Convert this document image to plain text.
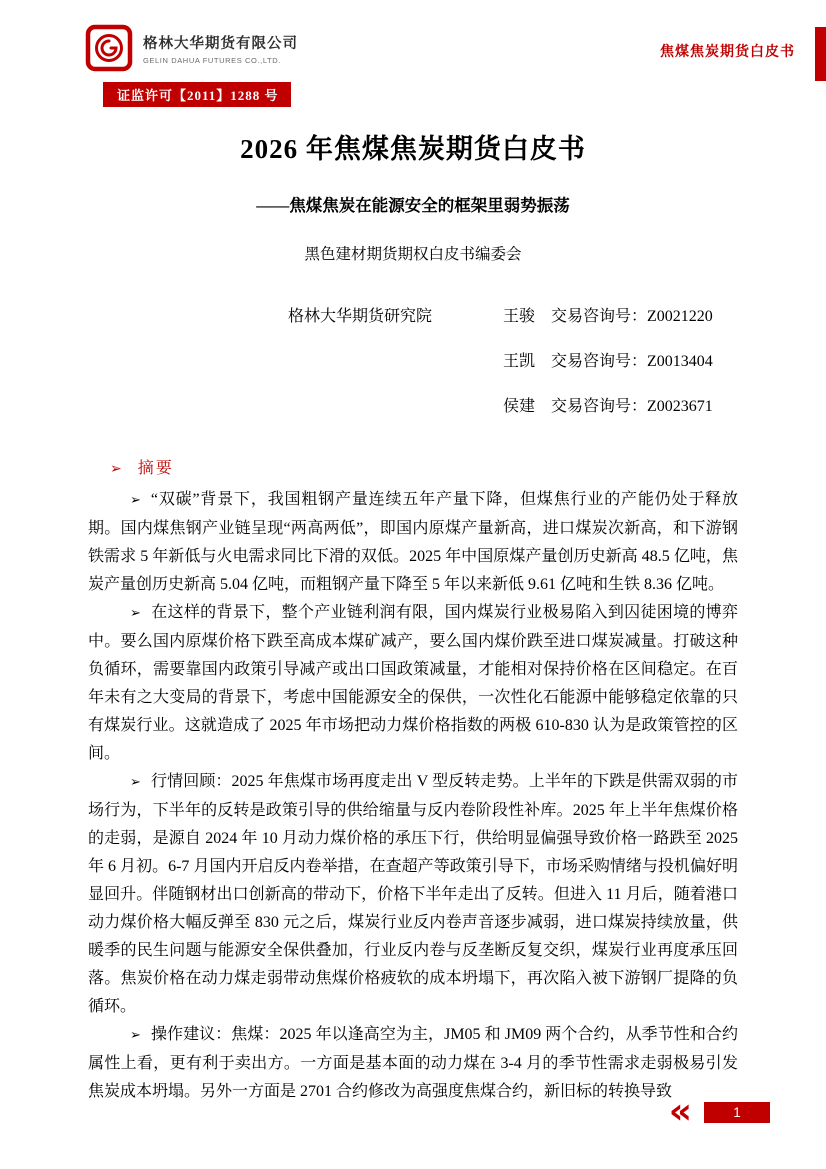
格林大华期货有限公司
GELIN DAHUA FUTURES CO.,LTD.	焦煤焦炭期货白皮书
证监许可【2011】1288 号
2026 年焦煤焦炭期货白皮书
——焦煤焦炭在能源安全的框架里弱势振荡
黑色建材期货期权白皮书编委会
格林大华期货研究院	王骏 交易咨询号：Z0021220
王凯 交易咨询号：Z0013404
侯建 交易咨询号：Z0023671
➢ 摘要

➢ “双碳”背景下，我国粗钢产量连续五年产量下降，但煤焦行业的产能仍处于释放期。国内煤焦钢产业链呈现“两高两低”，即国内原煤产量新高，进口煤炭次新高，和下游钢铁需求 5 年新低与火电需求同比下滑的双低。2025 年中国原煤产量创历史新高 48.5 亿吨，焦炭产量创历史新高 5.04 亿吨，而粗钢产量下降至 5 年以来新低 9.61 亿吨和生铁 8.36 亿吨。

➢ 在这样的背景下，整个产业链利润有限，国内煤炭行业极易陷入到囚徒困境的博弈中。要么国内原煤价格下跌至高成本煤矿减产，要么国内煤价跌至进口煤炭减量。打破这种负循环，需要靠国内政策引导减产或出口国政策减量，才能相对保持价格在区间稳定。在百年未有之大变局的背景下，考虑中国能源安全的保供，一次性化石能源中能够稳定依靠的只有煤炭行业。这就造成了 2025 年市场把动力煤价格指数的两极 610-830 认为是政策管控的区间。

➢ 行情回顾：2025 年焦煤市场再度走出 V 型反转走势。上半年的下跌是供需双弱的市场行为，下半年的反转是政策引导的供给缩量与反内卷阶段性补库。2025 年上半年焦煤价格的走弱，是源自 2024 年 10 月动力煤价格的承压下行，供给明显偏强导致价格一路跌至 2025 年 6 月初。6-7 月国内开启反内卷举措，在查超产等政策引导下，市场采购情绪与投机偏好明显回升。伴随钢材出口创新高的带动下，价格下半年走出了反转。但进入 11 月后，随着港口动力煤价格大幅反弹至 830 元之后，煤炭行业反内卷声音逐步减弱，进口煤炭持续放量，供暖季的民生问题与能源安全保供叠加，行业反内卷与反垄断反复交织，煤炭行业再度承压回落。焦炭价格在动力煤走弱带动焦煤价格疲软的成本坍塌下，再次陷入被下游钢厂提降的负循环。

➢ 操作建议：焦煤：2025 年以逢高空为主，JM05 和 JM09 两个合约，从季节性和合约属性上看，更有利于卖出方。一方面是基本面的动力煤在 3-4 月的季节性需求走弱极易引发焦炭成本坍塌。另外一方面是 2701 合约修改为高强度焦煤合约，新旧标的转换导致

«	1
